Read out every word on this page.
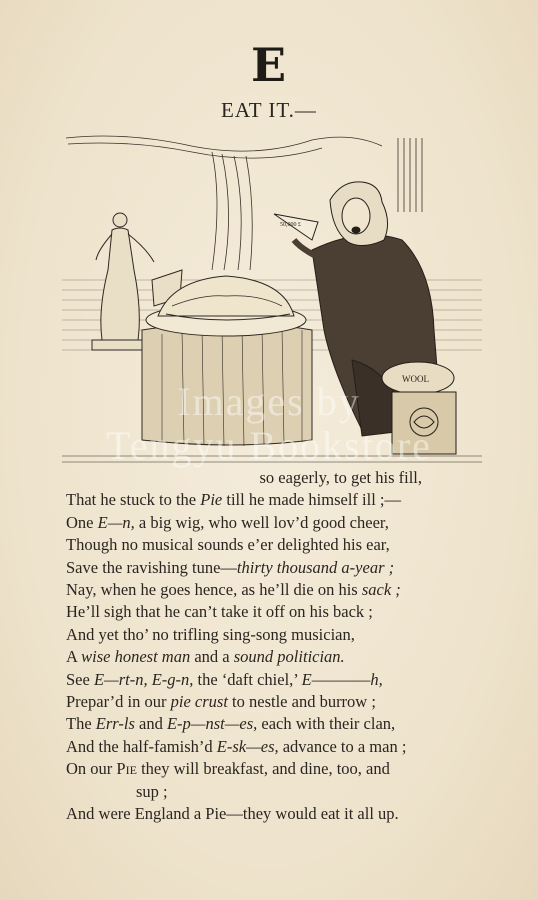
E
EAT IT.—
50,000 £
WOOL
Images by
Tengyu Bookstore
so eagerly, to get his fill,
That he stuck to the Pie till he made himself ill ;—
One E—n, a big wig, who well lov’d good cheer,
Though no musical sounds e’er delighted his ear,
Save the ravishing tune—thirty thousand a-year ;
Nay, when he goes hence, as he’ll die on his sack ;
He’ll sigh that he can’t take it off on his back ;
And yet tho’ no trifling sing-song musician,
A wise honest man and a sound politician.
See E—rt-n, E-g-n, the ‘daft chiel,’ E————h,
Prepar’d in our pie crust to nestle and burrow ;
The Err-ls and E-p—nst—es, each with their clan,
And the half-famish’d E-sk—es, advance to a man ;
On our Pie they will breakfast, and dine, too, and
sup ;
And were England a Pie—they would eat it all up.
